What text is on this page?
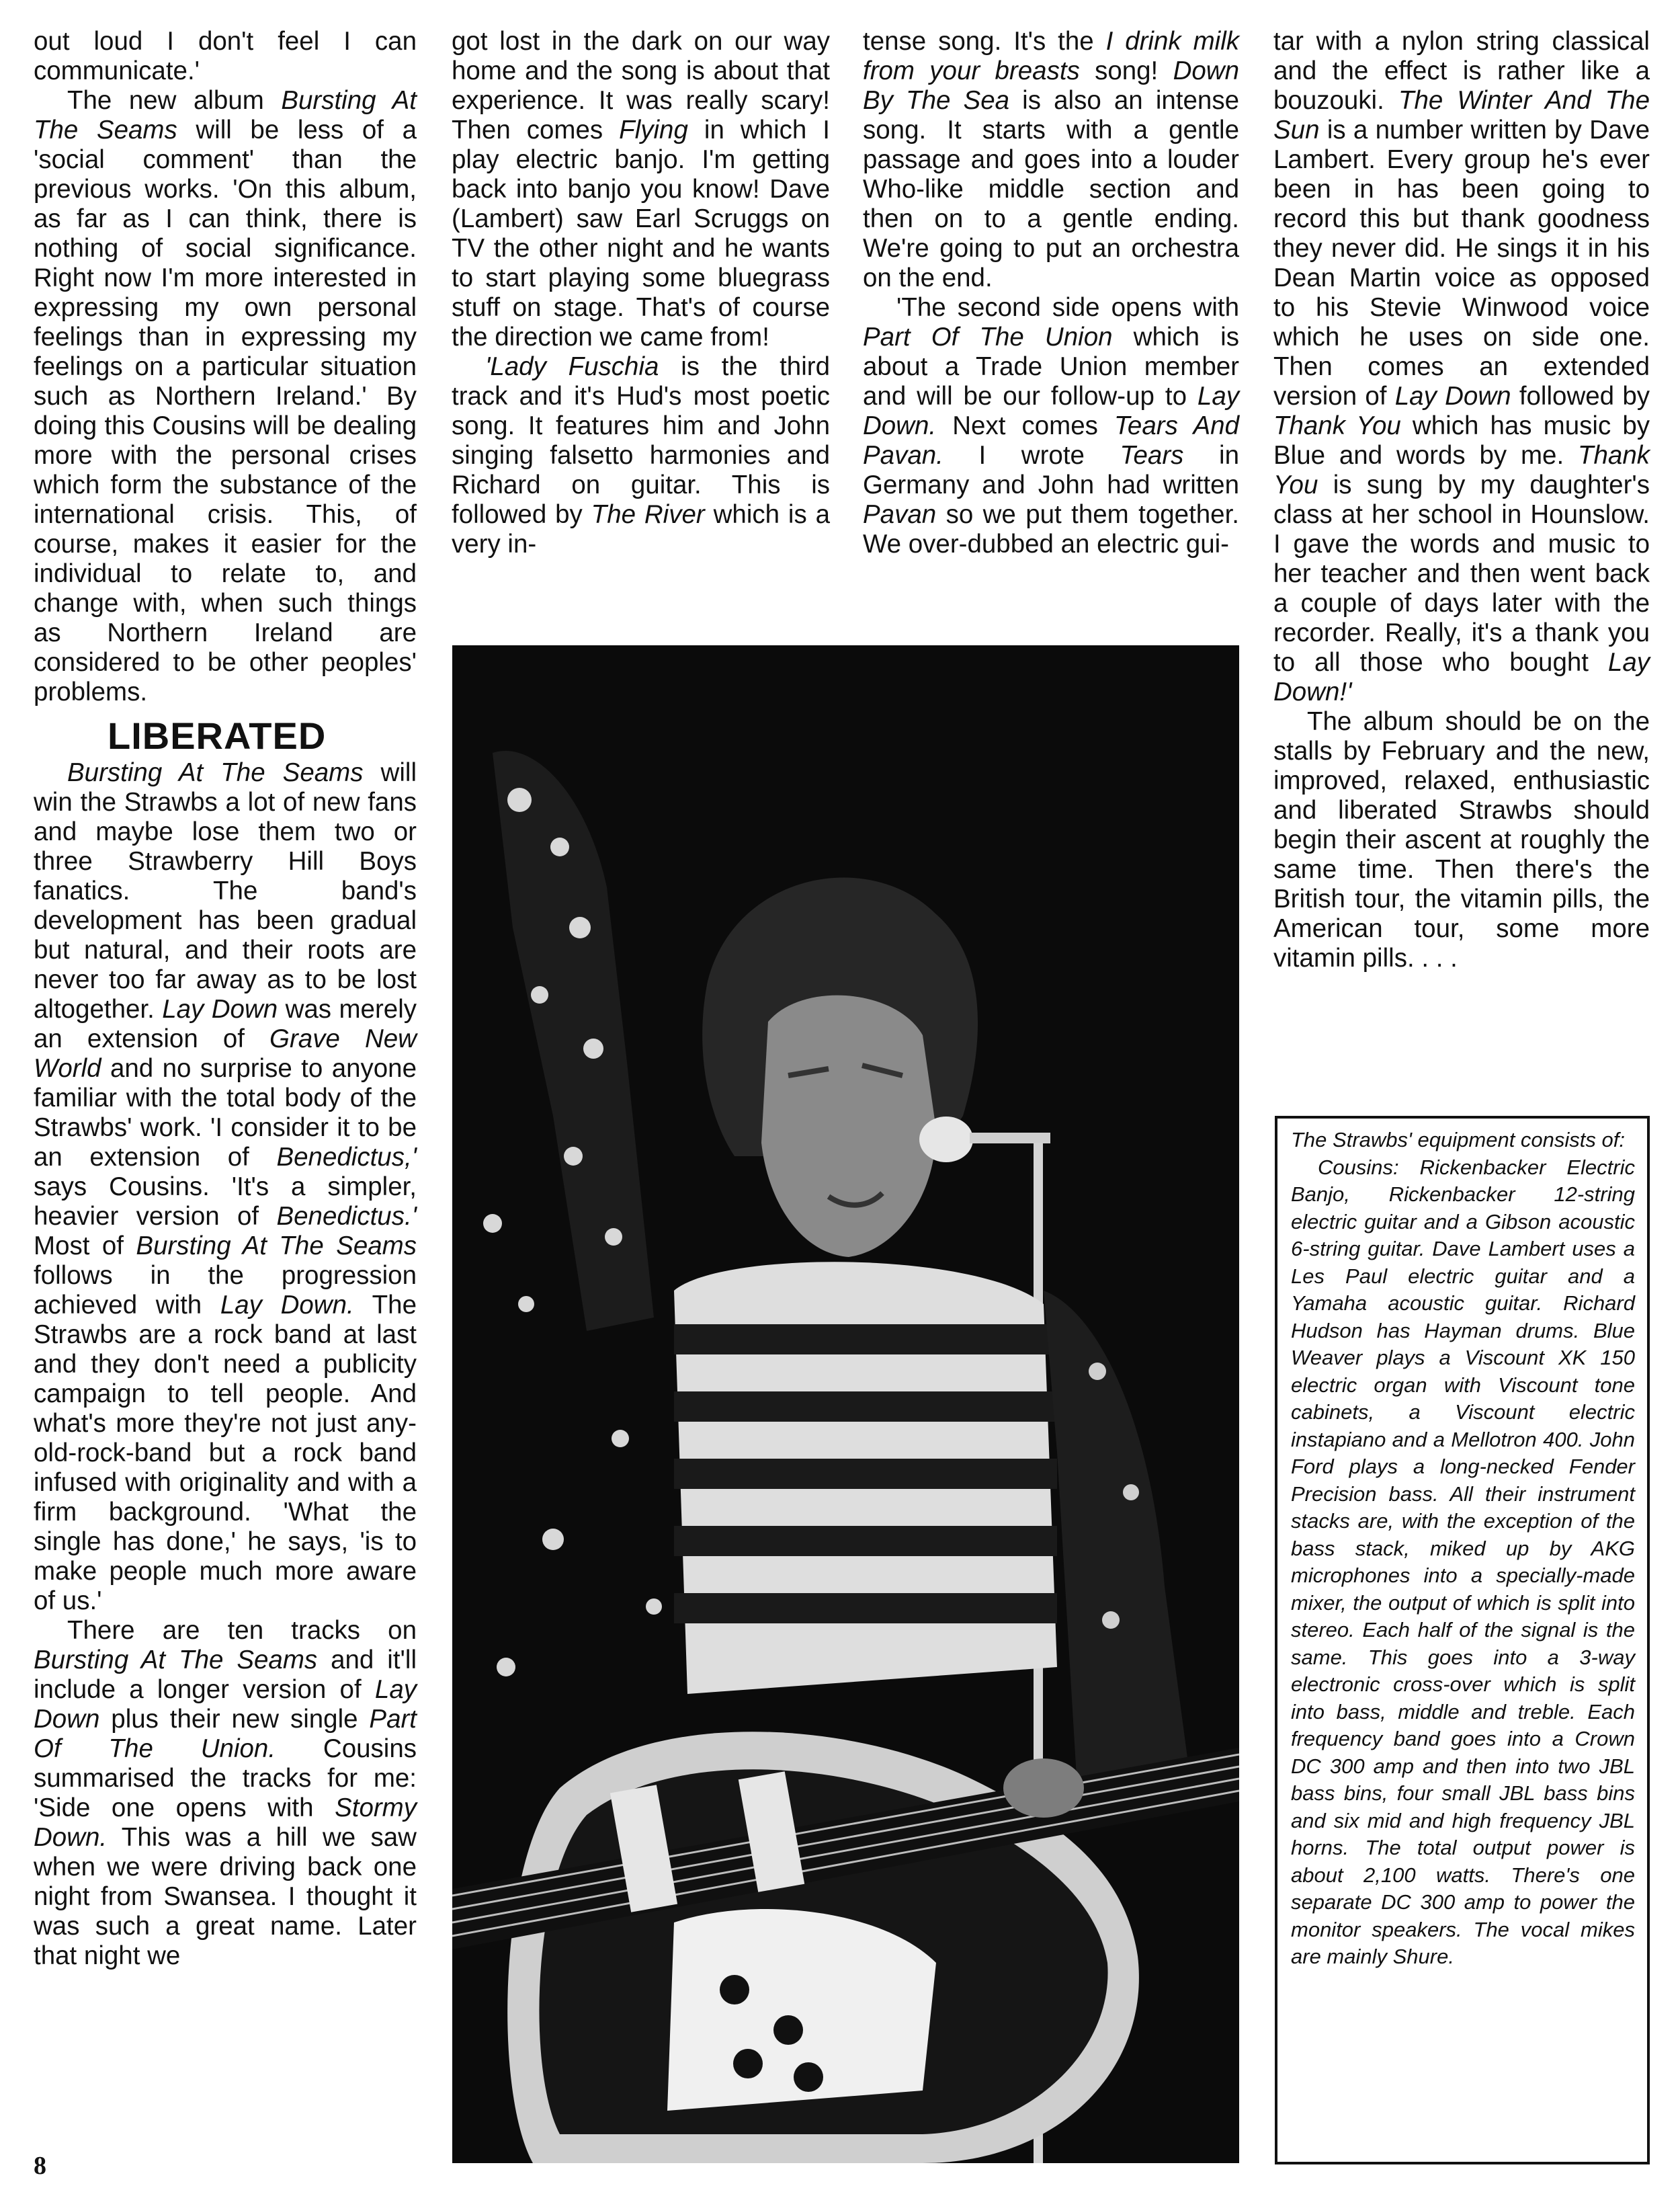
out loud I don't feel I can communicate.'

The new album Bursting At The Seams will be less of a 'social comment' than the previous works. 'On this album, as far as I can think, there is nothing of social significance. Right now I'm more interested in expressing my own personal feelings than in expressing my feelings on a particular situation such as Northern Ireland.' By doing this Cousins will be dealing more with the personal crises which form the substance of the international crisis. This, of course, makes it easier for the individual to relate to, and change with, when such things as Northern Ireland are considered to be other peoples' problems.

LIBERATED

Bursting At The Seams will win the Strawbs a lot of new fans and maybe lose them two or three Strawberry Hill Boys fanatics. The band's development has been gradual but natural, and their roots are never too far away as to be lost altogether. Lay Down was merely an extension of Grave New World and no surprise to anyone familiar with the total body of the Strawbs' work. 'I consider it to be an extension of Benedictus,' says Cousins. 'It's a simpler, heavier version of Benedictus.' Most of Bursting At The Seams follows in the progression achieved with Lay Down. The Strawbs are a rock band at last and they don't need a publicity campaign to tell people. And what's more they're not just any-old-rock-band but a rock band infused with originality and with a firm background. 'What the single has done,' he says, 'is to make people much more aware of us.'

There are ten tracks on Bursting At The Seams and it'll include a longer version of Lay Down plus their new single Part Of The Union. Cousins summarised the tracks for me: 'Side one opens with Stormy Down. This was a hill we saw when we were driving back one night from Swansea. I thought it was such a great name. Later that night we

got lost in the dark on our way home and the song is about that experience. It was really scary! Then comes Flying in which I play electric banjo. I'm getting back into banjo you know! Dave (Lambert) saw Earl Scruggs on TV the other night and he wants to start playing some bluegrass stuff on stage. That's of course the direction we came from!

'Lady Fuschia is the third track and it's Hud's most poetic song. It features him and John singing falsetto harmonies and Richard on guitar. This is followed by The River which is a very in-

tense song. It's the I drink milk from your breasts song! Down By The Sea is also an intense song. It starts with a gentle passage and goes into a louder Who-like middle section and then on to a gentle ending. We're going to put an orchestra on the end.

'The second side opens with Part Of The Union which is about a Trade Union member and will be our follow-up to Lay Down. Next comes Tears And Pavan. I wrote Tears in Germany and John had written Pavan so we put them together. We over-dubbed an electric gui-

tar with a nylon string classical and the effect is rather like a bouzouki. The Winter And The Sun is a number written by Dave Lambert. Every group he's ever been in has been going to record this but thank goodness they never did. He sings it in his Dean Martin voice as opposed to his Stevie Winwood voice which he uses on side one. Then comes an extended version of Lay Down followed by Thank You which has music by Blue and words by me. Thank You is sung by my daughter's class at her school in Hounslow. I gave the words and music to her teacher and then went back a couple of days later with the recorder. Really, it's a thank you to all those who bought Lay Down!'

The album should be on the stalls by February and the new, improved, relaxed, enthusiastic and liberated Strawbs should begin their ascent at roughly the same time. Then there's the British tour, the vitamin pills, the American tour, some more vitamin pills. . . .

The Strawbs' equipment consists of:

Cousins: Rickenbacker Electric Banjo, Rickenbacker 12-string electric guitar and a Gibson acoustic 6-string guitar. Dave Lambert uses a Les Paul electric guitar and a Yamaha acoustic guitar. Richard Hudson has Hayman drums. Blue Weaver plays a Viscount XK 150 electric organ with Viscount tone cabinets, a Viscount electric instapiano and a Mellotron 400. John Ford plays a long-necked Fender Precision bass. All their instrument stacks are, with the exception of the bass stack, miked up by AKG microphones into a specially-made mixer, the output of which is split into stereo. Each half of the signal is the same. This goes into a 3-way electronic cross-over which is split into bass, middle and treble. Each frequency band goes into a Crown DC 300 amp and then into two JBL bass bins, four small JBL bass bins and six mid and high frequency JBL horns. The total output power is about 2,100 watts. There's one separate DC 300 amp to power the monitor speakers. The vocal mikes are mainly Shure.

8
